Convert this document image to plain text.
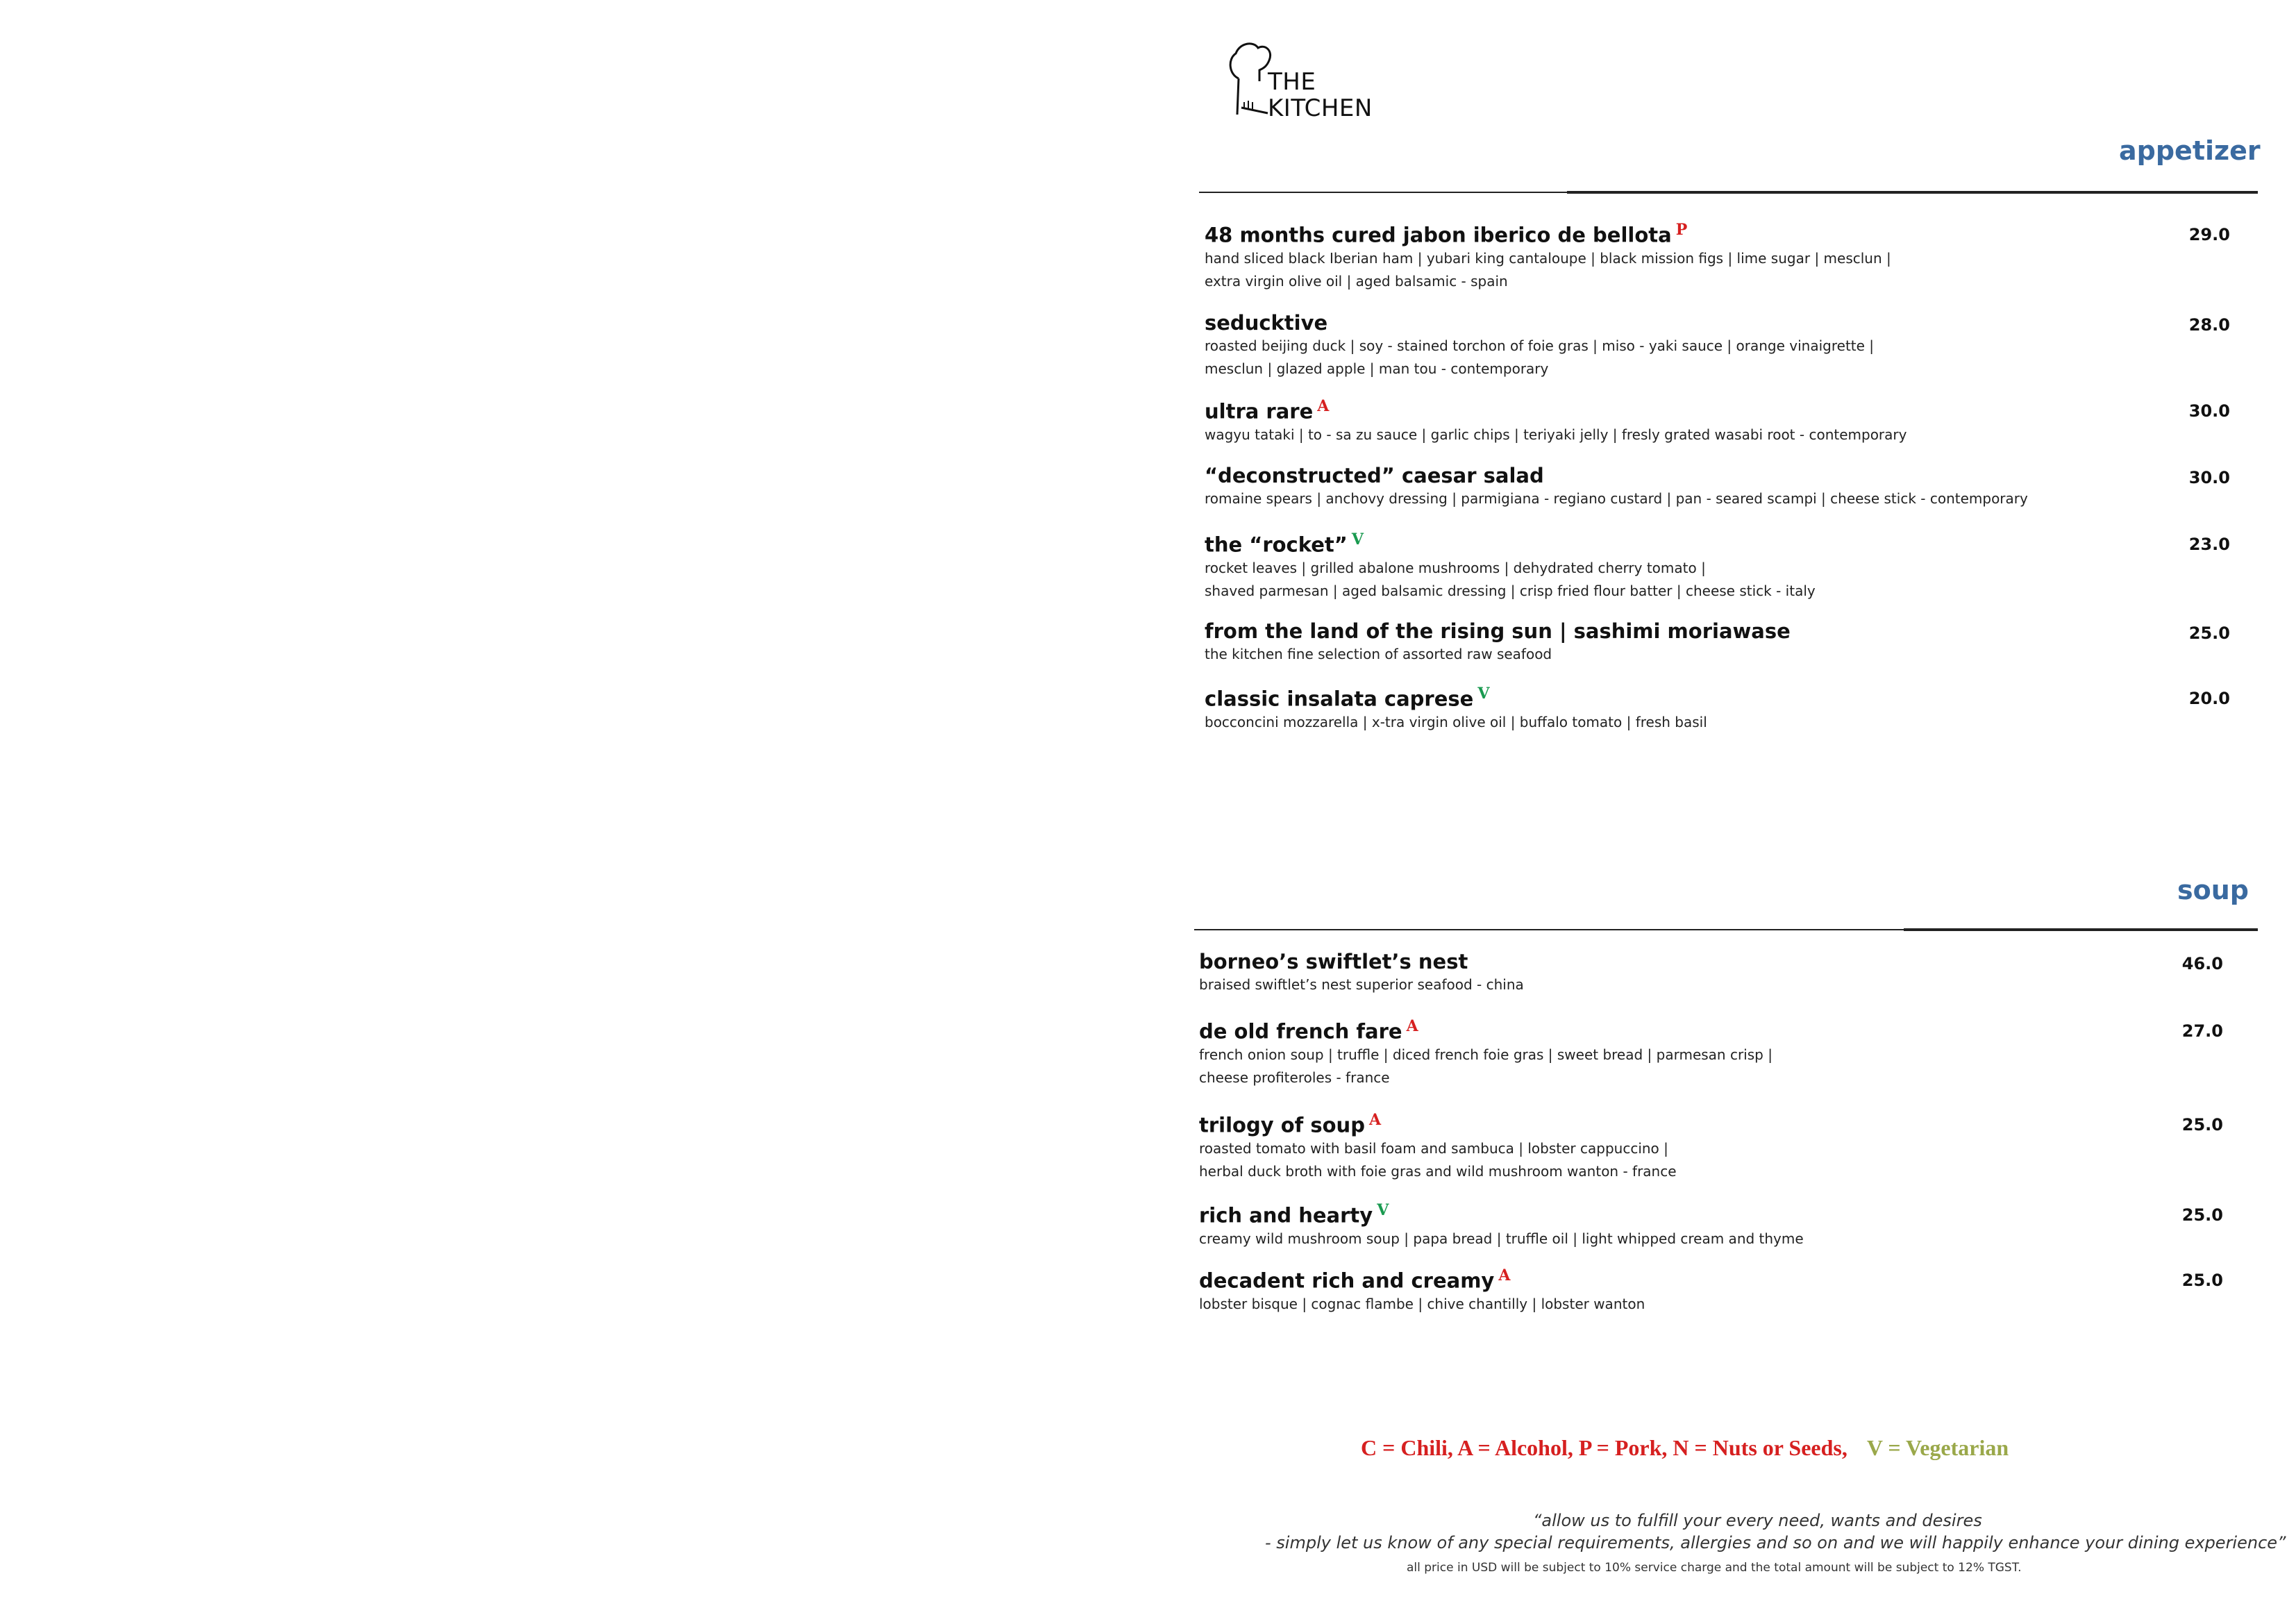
THE
KITCHEN
appetizer
48 months cured jabon iberico de bellota $^P$
hand sliced black Iberian ham | yubari king cantaloupe | black mission figs | lime sugar | mesclun |
extra virgin olive oil | aged balsamic - spain
29.0
seducktive
roasted beijing duck | soy - stained torchon of foie gras | miso - yaki sauce | orange vinaigrette |
mesclun | glazed apple | man tou - contemporary
28.0
ultra rare $^A$
wagyu tataki | to - sa zu sauce | garlic chips | teriyaki jelly | fresly grated wasabi root - contemporary
30.0
“deconstructed” caesar salad
romaine spears | anchovy dressing | parmigiana - regiano custard | pan - seared scampi | cheese stick - contemporary
30.0
the “rocket” $^V$
rocket leaves | grilled abalone mushrooms | dehydrated cherry tomato |
shaved parmesan | aged balsamic dressing | crisp fried flour batter | cheese stick - italy
23.0
from the land of the rising sun | sashimi moriawase
the kitchen fine selection of assorted raw seafood
25.0
classic insalata caprese $^V$
bocconcini mozzarella | x-tra virgin olive oil | buffalo tomato | fresh basil
20.0
soup
borneo’s swiftlet’s nest
braised swiftlet’s nest superior seafood - china
46.0
de old french fare $^A$
french onion soup | truffle | diced french foie gras | sweet bread | parmesan crisp |
cheese profiteroles - france
27.0
trilogy of soup $^A$
roasted tomato with basil foam and sambuca | lobster cappuccino |
herbal duck broth with foie gras and wild mushroom wanton - france
25.0
rich and hearty $^V$
creamy wild mushroom soup | papa bread | truffle oil | light whipped cream and thyme
25.0
decadent rich and creamy $^A$
lobster bisque | cognac flambe | chive chantilly | lobster wanton
25.0
C = Chili, A = Alcohol, P = Pork, N = Nuts or Seeds, V = Vegetarian
“allow us to fulfill your every need, wants and desires
- simply let us know of any special requirements, allergies and so on and we will happily enhance your dining experience”
all price in USD will be subject to 10% service charge and the total amount will be subject to 12% TGST.
